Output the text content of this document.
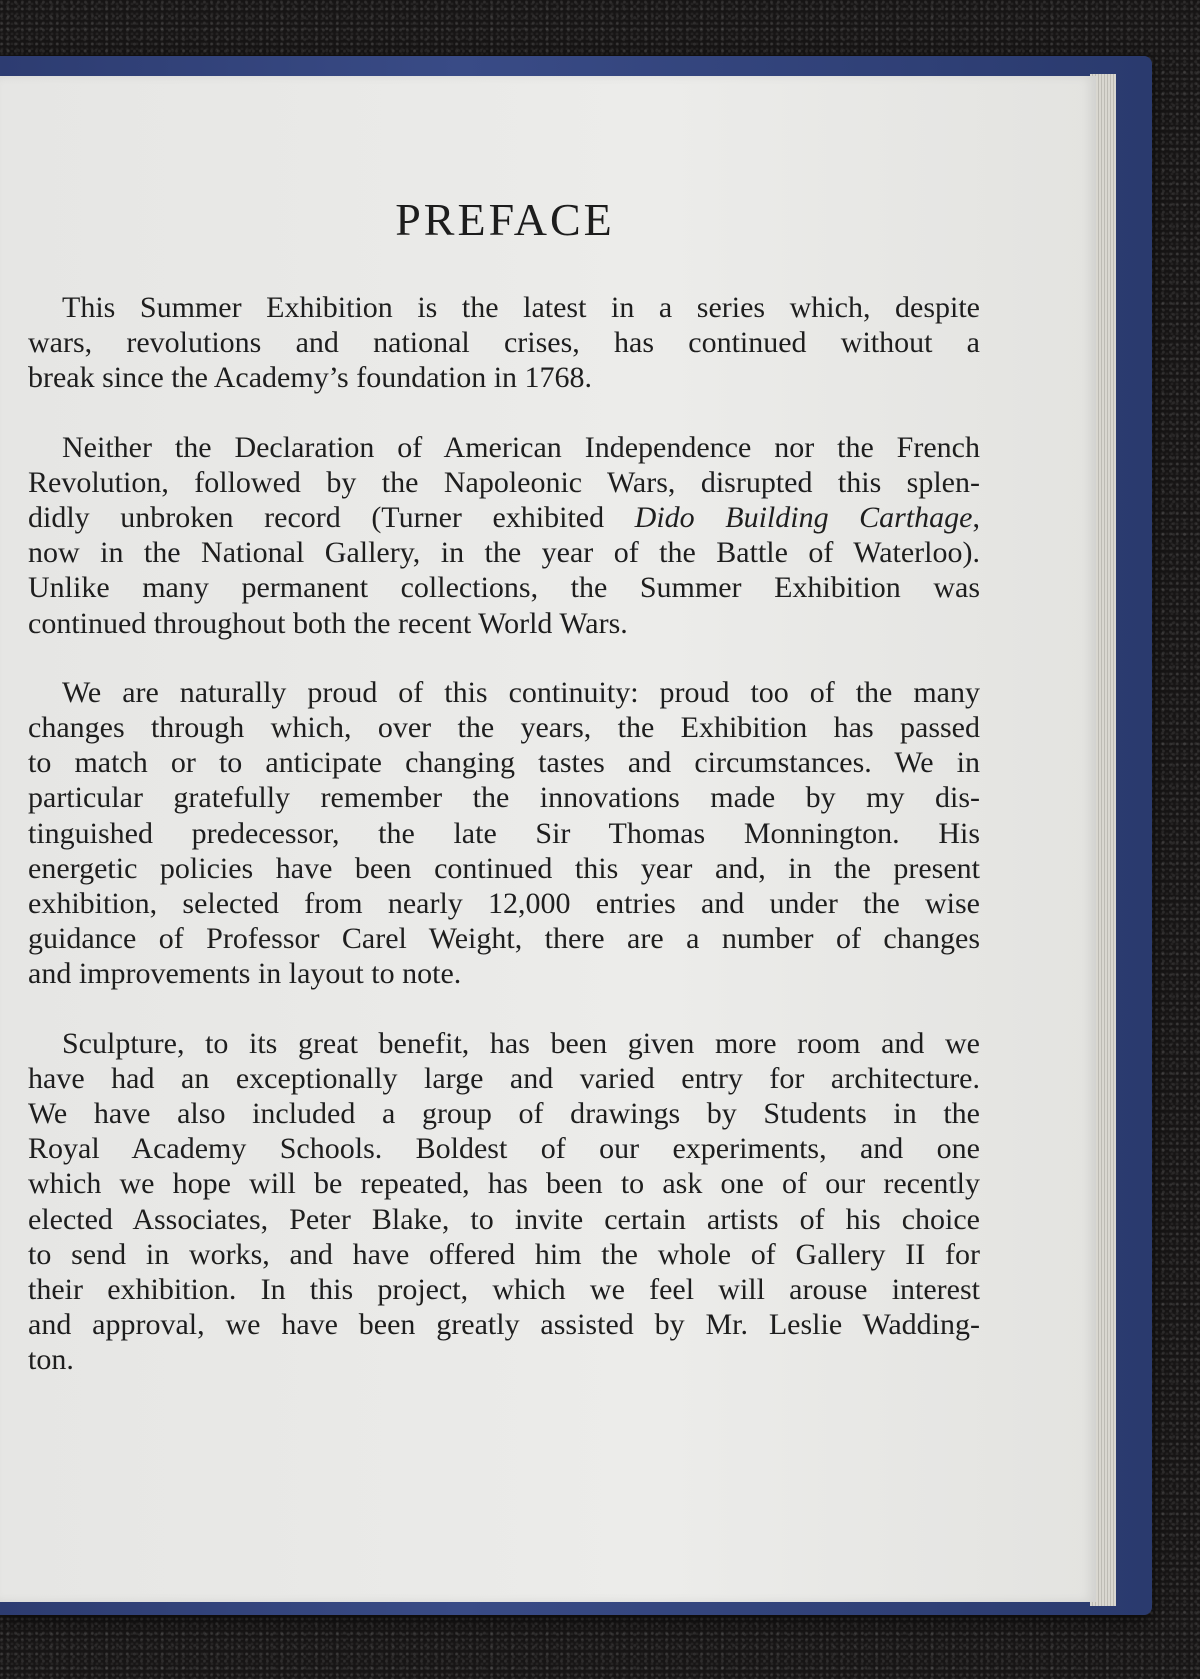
PREFACE
This Summer Exhibition is the latest in a series which, despite
wars, revolutions and national crises, has continued without a
break since the Academy’s foundation in 1768.
Neither the Declaration of American Independence nor the French
Revolution, followed by the Napoleonic Wars, disrupted this splen-
didly unbroken record (Turner exhibited Dido Building Carthage,
now in the National Gallery, in the year of the Battle of Waterloo).
Unlike many permanent collections, the Summer Exhibition was
continued throughout both the recent World Wars.
We are naturally proud of this continuity: proud too of the many
changes through which, over the years, the Exhibition has passed
to match or to anticipate changing tastes and circumstances. We in
particular gratefully remember the innovations made by my dis-
tinguished predecessor, the late Sir Thomas Monnington. His
energetic policies have been continued this year and, in the present
exhibition, selected from nearly 12,000 entries and under the wise
guidance of Professor Carel Weight, there are a number of changes
and improvements in layout to note.
Sculpture, to its great benefit, has been given more room and we
have had an exceptionally large and varied entry for architecture.
We have also included a group of drawings by Students in the
Royal Academy Schools. Boldest of our experiments, and one
which we hope will be repeated, has been to ask one of our recently
elected Associates, Peter Blake, to invite certain artists of his choice
to send in works, and have offered him the whole of Gallery II for
their exhibition. In this project, which we feel will arouse interest
and approval, we have been greatly assisted by Mr. Leslie Wadding-
ton.
